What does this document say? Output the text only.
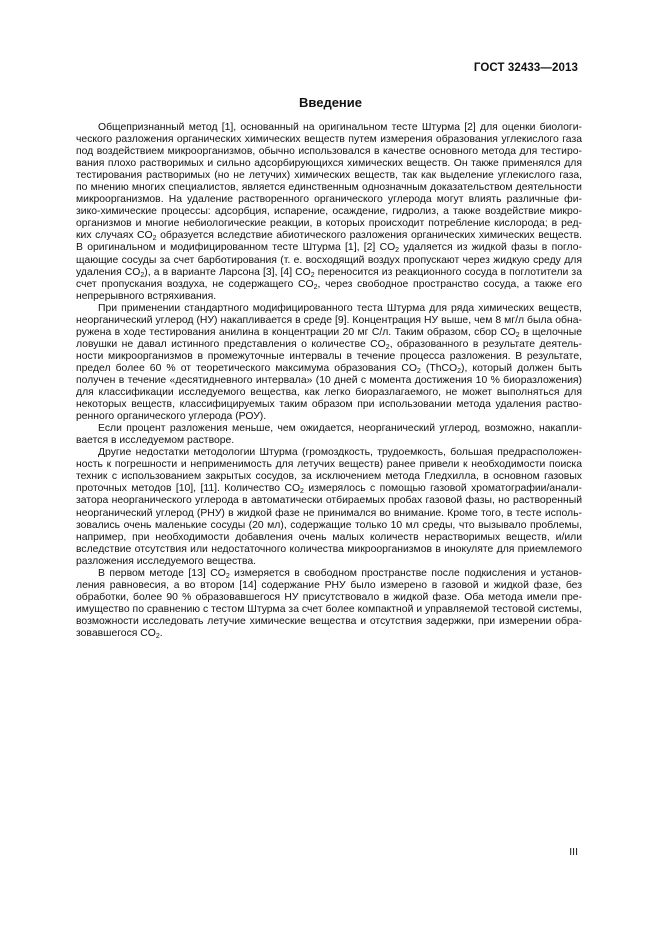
ГОСТ 32433—2013
Введение

Общепризнанный метод [1], основанный на оригинальном тесте Штурма [2] для оценки биологического разложения органических химических веществ путем измерения образования углекислого газа под воздействием микроорганизмов, обычно использовался в качестве основного метода для тестирования плохо растворимых и сильно адсорбирующихся химических веществ. Он также применялся для тестирования растворимых (но не летучих) химических веществ, так как выделение углекислого газа, по мнению многих специалистов, является единственным однозначным доказательством деятельности микроорганизмов. На удаление растворенного органического углерода могут влиять различные физико-химические процессы: адсорбция, испарение, осаждение, гидролиз, а также воздействие микроорганизмов и многие небиологические реакции, в которых происходит потребление кислорода; в редких случаях $CO_2$ образуется вследствие абиотического разложения органических химических веществ. В оригинальном и модифицированном тесте Штурма [1], [2] $CO_2$ удаляется из жидкой фазы в поглощающие сосуды за счет барботирования (т. е. восходящий воздух пропускают через жидкую среду для удаления $CO_2$), а в варианте Ларсона [3], [4] $CO_2$ переносится из реакционного сосуда в поглотители за счет пропускания воздуха, не содержащего $CO_2$, через свободное пространство сосуда, а также его непрерывного встряхивания.

При применении стандартного модифицированного теста Штурма для ряда химических веществ, неорганический углерод (НУ) накапливается в среде [9]. Концентрация НУ выше, чем 8 мг/л была обнаружена в ходе тестирования анилина в концентрации 20 мг С/л. Таким образом, сбор $CO_2$ в щелочные ловушки не давал истинного представления о количестве $CO_2$, образованного в результате деятельности микроорганизмов в промежуточные интервалы в течение процесса разложения. В результате, предел более 60 % от теоретического максимума образования $CO_2$ (ThCO$_2$), который должен быть получен в течение «десятидневного интервала» (10 дней с момента достижения 10 % биоразложения) для классификации исследуемого вещества, как легко биоразлагаемого, не может выполняться для некоторых веществ, классифицируемых таким образом при использовании метода удаления растворенного органического углерода (РОУ).

Если процент разложения меньше, чем ожидается, неорганический углерод, возможно, накапливается в исследуемом растворе.

Другие недостатки методологии Штурма (громоздкость, трудоемкость, большая предрасположенность к погрешности и неприменимость для летучих веществ) ранее привели к необходимости поиска техник с использованием закрытых сосудов, за исключением метода Гледхилла, в основном газовых проточных методов [10], [11]. Количество $CO_2$ измерялось с помощью газовой хроматографии/анализатора неорганического углерода в автоматически отбираемых пробах газовой фазы, но растворенный неорганический углерод (РНУ) в жидкой фазе не принимался во внимание. Кроме того, в тесте использовались очень маленькие сосуды (20 мл), содержащие только 10 мл среды, что вызывало проблемы, например, при необходимости добавления очень малых количеств нерастворимых веществ, и/или вследствие отсутствия или недостаточного количества микроорганизмов в инокуляте для приемлемого разложения исследуемого вещества.

В первом методе [13] $CO_2$ измеряется в свободном пространстве после подкисления и установления равновесия, а во втором [14] содержание РНУ было измерено в газовой и жидкой фазе, без обработки, более 90 % образовавшегося НУ присутствовало в жидкой фазе. Оба метода имели преимущество по сравнению с тестом Штурма за счет более компактной и управляемой тестовой системы, возможности исследовать летучие химические вещества и отсутствия задержки, при измерении образовавшегося $CO_2$.

III
